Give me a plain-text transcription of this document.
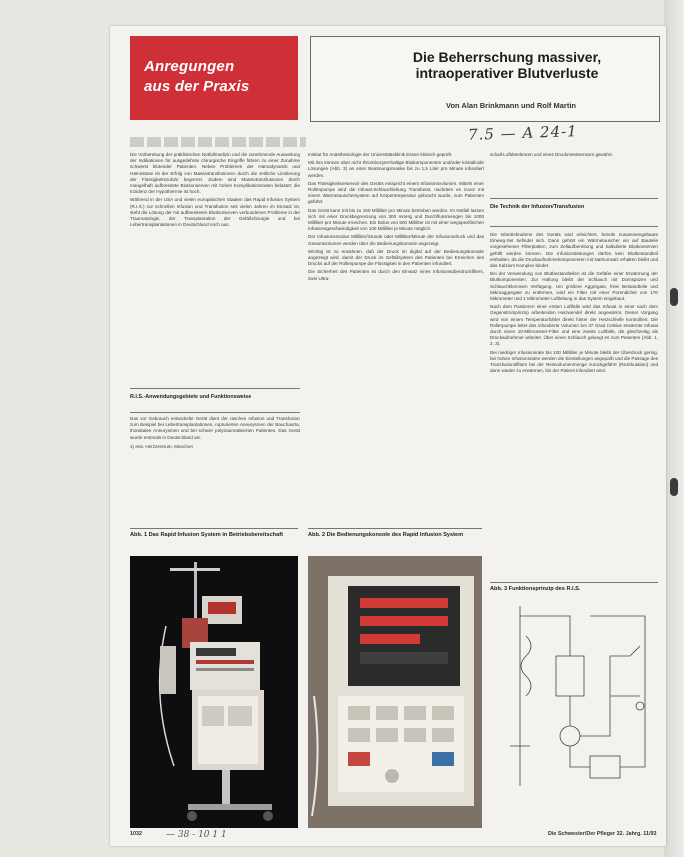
Anregungen
aus der Praxis
Die Beherrschung massiver,
intraoperativer Blutverluste
Von Alan Brinkmann und Rolf Martin
7.5 — A 24-1

Die Vorbereitung der präklinischen Notfallmedizin und die zunehmende Ausweitung der Indikationen für ausgedehnte chirurgische Eingriffe führen zu einer Zunahme schwerst blutender Patienten. Neben Problemen der Hämodynamik und Hämostase ist der Erfolg von Massivtransfusionen durch die zeitliche Limitierung der Flüssigkeitszufuhr begrenzt. Zudem sind Massivtransfusionen durch mangelhaft aufbereitete Blutkonserven mit hohen Komplikationsraten belastet; die Inzidenz der Hypothermie ist hoch.

Während in der USA und vielen europäischen Staaten das Rapid Infusion System (R.I.S.) zur schnellen Infusion und Transfusion seit vielen Jahren im Einsatz ist, steht die Lösung der mit aufbereiteten Blutkonserven verbundenen Probleme in der Traumatologie, der Transplantation der Gefäßchirurgie und bei Lebertransplantationen in Deutschland noch aus.

R.I.S.-Anwendungsgebiete und Funktionsweise

Das vor Gebrauch entwickelte Gerät dient der raschen Infusion und Transfusion zum Beispiel bei Lebertransplantationen, rupturierten Aneurysmen der Bauchaorta, thorakalen Aneurysmen und bei schwer polytraumatisierten Patienten. Das Gerät wurde erstmals in Deutschland am

1) Inst. Herzzentrum, München

Institut für Anästhesiologie der Universitätsklinik Essen klinisch geprüft.

Mit ihm können über nicht thrombozytenhaltige Blutkomponenten und/oder kristalloide Lösungen (Abb. 3) an einer Beatmungsmaske bis zu 1,5 Liter pro Minute infundiert werden.

Das Flüssigkeitsreservoir des Geräts entspricht einem Infusionsvolumen. Mittels einer Rollenpumpe wird die Infusat-Schlauchleitung Transfusat, nachdem es zuvor mit einem Wärmetauschersystem auf Körpertemperatur gebracht wurde, zum Patienten geführt.

Das Gerät kann mit bis zu 150 Milliliter pro Minute betrieben werden. Im Notfall lassen sich mit einer Druckbegrenzung von 300 mmHg und Durchflussmengen bis 1000 Milliliter pro Minute erreichen. Ein Bolus von 500 Milliliter ist mit einer wegspezifischen Infusionsgeschwindigkeit von 100 Milliliter je Minute möglich.

Der Infusionsmodus Milliliter/Stunde oder Milliliter/Minute der Infusionsdruck und das Gesamtvolumen werden über die Bedienungskonsole angezeigt.

Wichtig ist zu erwähnen, daß der Druck im digital auf der Bedienungskonsole angezeigt wird, damit der Druck im Gefäßsystem des Patienten bei Erreichen des Drucks auf der Rollenpumpe die Flüssigkeit in den Patienten infundiert.

Die Sicherheit des Patienten ist durch den Einsatz eines Infusionsüberdruckfilters, zwei Ultra-

schall-Luftdetektoren und eines Druckmesssensors gewährt.

Die Technik der Infusion/Transfusion

Die Inbetriebnahme des Geräts wird erleichtert, bereits zusammengebaute Einweg-Set befindet sich. Dann gehört ein Wärmetauscher ein auf Bauteile vorgesehenen Filterplatten, zum Zellaufbereitung und kalkulierte Blutkonserven gefüllt werden können. Die Infusionsleitungen dürfen kein Blutbestandteil enthalten, da die Druckaufnahmekomponenten mit Natriumsalz erhalten bleibt und das Kalzium Komplex bindet.

Bei der Verwendung von Blutbestandteilen ist die Gefäße einer Erwärmung der Blutkomponenten. Zur Haltung bleibt der Schlauch mit Dornspitzen und Schlauchklemmen Verfügung. Um größere Aggregate, freie Bestandteile und Mikroaggregate zu entfernen, wird ein Filter mit einer Porendichte von 170 Mikrometer und 1 Mikrometer Luftleitung in das System eingebaut.

Nach dem Passieren einer ersten Luftfalle wird das Infusat in einer nach dem Gegenstromprinzip arbeitenden Heizwendel direkt angewärmt. Dieser Vorgang wird von einem Temperaturfühler direkt hinter der Heizschleife kontrolliert. Die Rollerpumpe leitet das infundierte Volumen bei 37 Grad Celsius erwärmte Infusat durch einen 10-Mikrometer-Filter und eine zweite Luftfalle, die gleichzeitig als Druckaufnehmer arbeitet. Über einen Schlauch gelangt es zum Patienten (Abb. 1, 2, 3).

Bei niedriger Infusionsrate bis 100 Milliliter je Minute bleibt der Überdruck gering, bei hohen Infusionsraten werden die Einstellungen angepaßt und die Passage des Transfusionsfilters bei der Restvolumenmenge zurückgeführt (Rezirkulation) und dann wieder zu erwärmen, bis der Patient infundiert wird.

Abb. 1 Das Rapid Infusion System in Betriebsbereitschaft	Abb. 2 Die Bedienungskonsole des Rapid Infusion System
Abb. 3 Funktionsprinzip des R.I.S.
1032	— 38 - 10 1 1	Die Schwester/Der Pfleger 32. Jahrg. 11/93
